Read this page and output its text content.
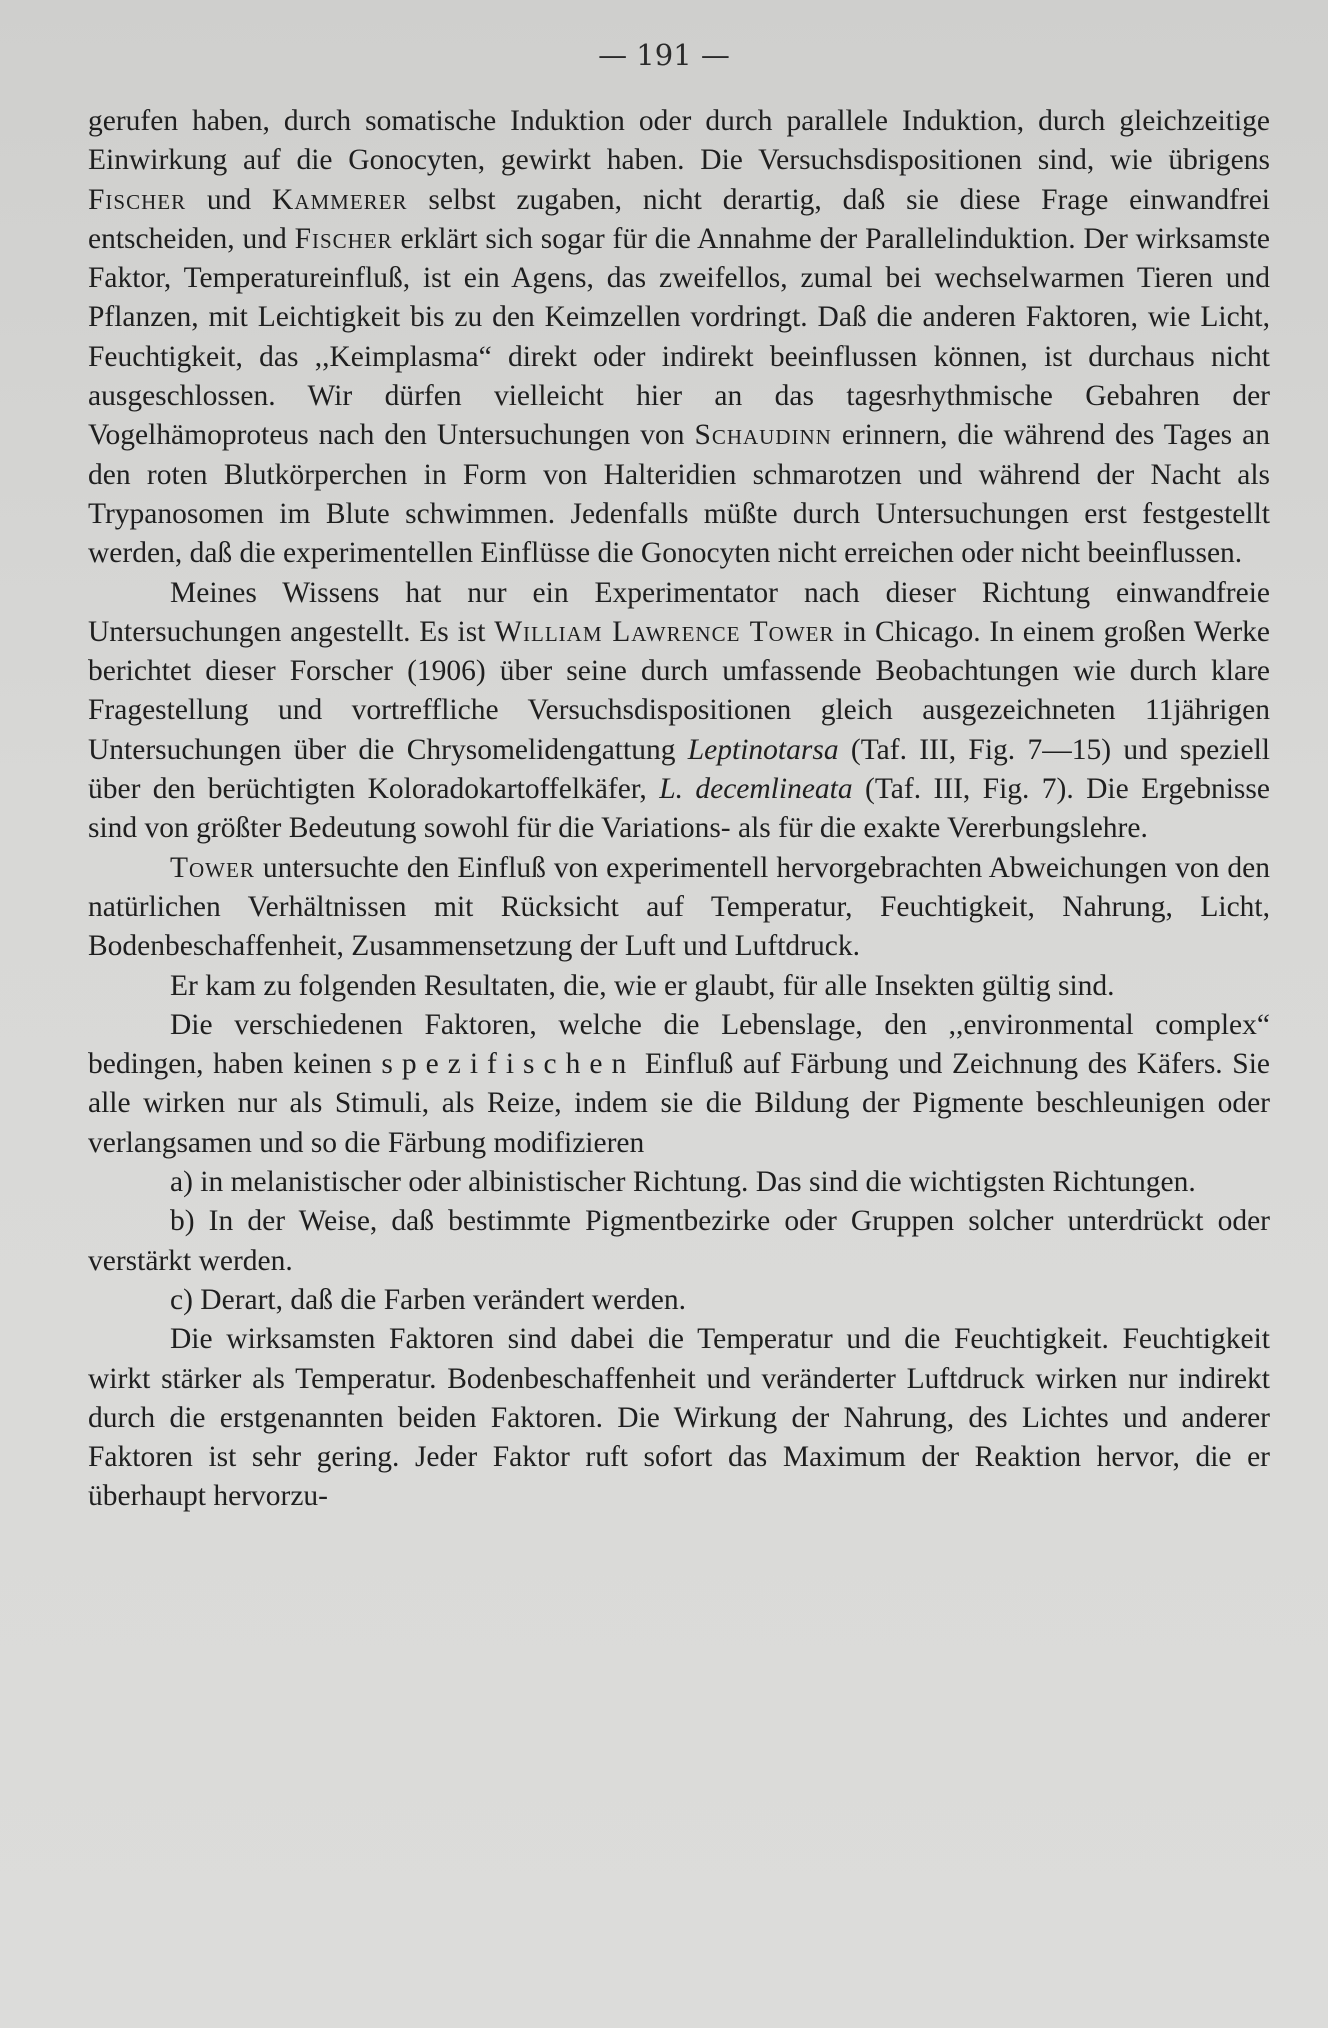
— 191 —

gerufen haben, durch somatische Induktion oder durch parallele Induktion, durch gleichzeitige Einwirkung auf die Gonocyten, gewirkt haben. Die Versuchsdispositionen sind, wie übrigens Fischer und Kammerer selbst zugaben, nicht derartig, daß sie diese Frage einwandfrei entscheiden, und Fischer erklärt sich sogar für die Annahme der Parallelinduktion. Der wirksamste Faktor, Temperatureinfluß, ist ein Agens, das zweifellos, zumal bei wechselwarmen Tieren und Pflanzen, mit Leichtigkeit bis zu den Keimzellen vordringt. Daß die anderen Faktoren, wie Licht, Feuchtigkeit, das ,,Keimplasma“ direkt oder indirekt beeinflussen können, ist durchaus nicht ausgeschlossen. Wir dürfen vielleicht hier an das tagesrhythmische Gebahren der Vogelhämoproteus nach den Untersuchungen von Schaudinn erinnern, die während des Tages an den roten Blutkörperchen in Form von Halteridien schmarotzen und während der Nacht als Trypanosomen im Blute schwimmen. Jedenfalls müßte durch Untersuchungen erst festgestellt werden, daß die experimentellen Einflüsse die Gonocyten nicht erreichen oder nicht beeinflussen.

Meines Wissens hat nur ein Experimentator nach dieser Richtung einwandfreie Untersuchungen angestellt. Es ist William Lawrence Tower in Chicago. In einem großen Werke berichtet dieser Forscher (1906) über seine durch umfassende Beobachtungen wie durch klare Fragestellung und vortreffliche Versuchsdispositionen gleich ausgezeichneten 11jährigen Untersuchungen über die Chrysomelidengattung Leptinotarsa (Taf. III, Fig. 7—15) und speziell über den berüchtigten Koloradokartoffelkäfer, L. decemlineata (Taf. III, Fig. 7). Die Ergebnisse sind von größter Bedeutung sowohl für die Variations- als für die exakte Vererbungslehre.

Tower untersuchte den Einfluß von experimentell hervorgebrachten Abweichungen von den natürlichen Verhältnissen mit Rücksicht auf Temperatur, Feuchtigkeit, Nahrung, Licht, Bodenbeschaffenheit, Zusammensetzung der Luft und Luftdruck.

Er kam zu folgenden Resultaten, die, wie er glaubt, für alle Insekten gültig sind.

Die verschiedenen Faktoren, welche die Lebenslage, den ,,environmental complex“ bedingen, haben keinen spezifischen Einfluß auf Färbung und Zeichnung des Käfers. Sie alle wirken nur als Stimuli, als Reize, indem sie die Bildung der Pigmente beschleunigen oder verlangsamen und so die Färbung modifizieren

a) in melanistischer oder albinistischer Richtung. Das sind die wichtigsten Richtungen.

b) In der Weise, daß bestimmte Pigmentbezirke oder Gruppen solcher unterdrückt oder verstärkt werden.

c) Derart, daß die Farben verändert werden.

Die wirksamsten Faktoren sind dabei die Temperatur und die Feuchtigkeit. Feuchtigkeit wirkt stärker als Temperatur. Bodenbeschaffenheit und veränderter Luftdruck wirken nur indirekt durch die erstgenannten beiden Faktoren. Die Wirkung der Nahrung, des Lichtes und anderer Faktoren ist sehr gering. Jeder Faktor ruft sofort das Maximum der Reaktion hervor, die er überhaupt hervorzu-
